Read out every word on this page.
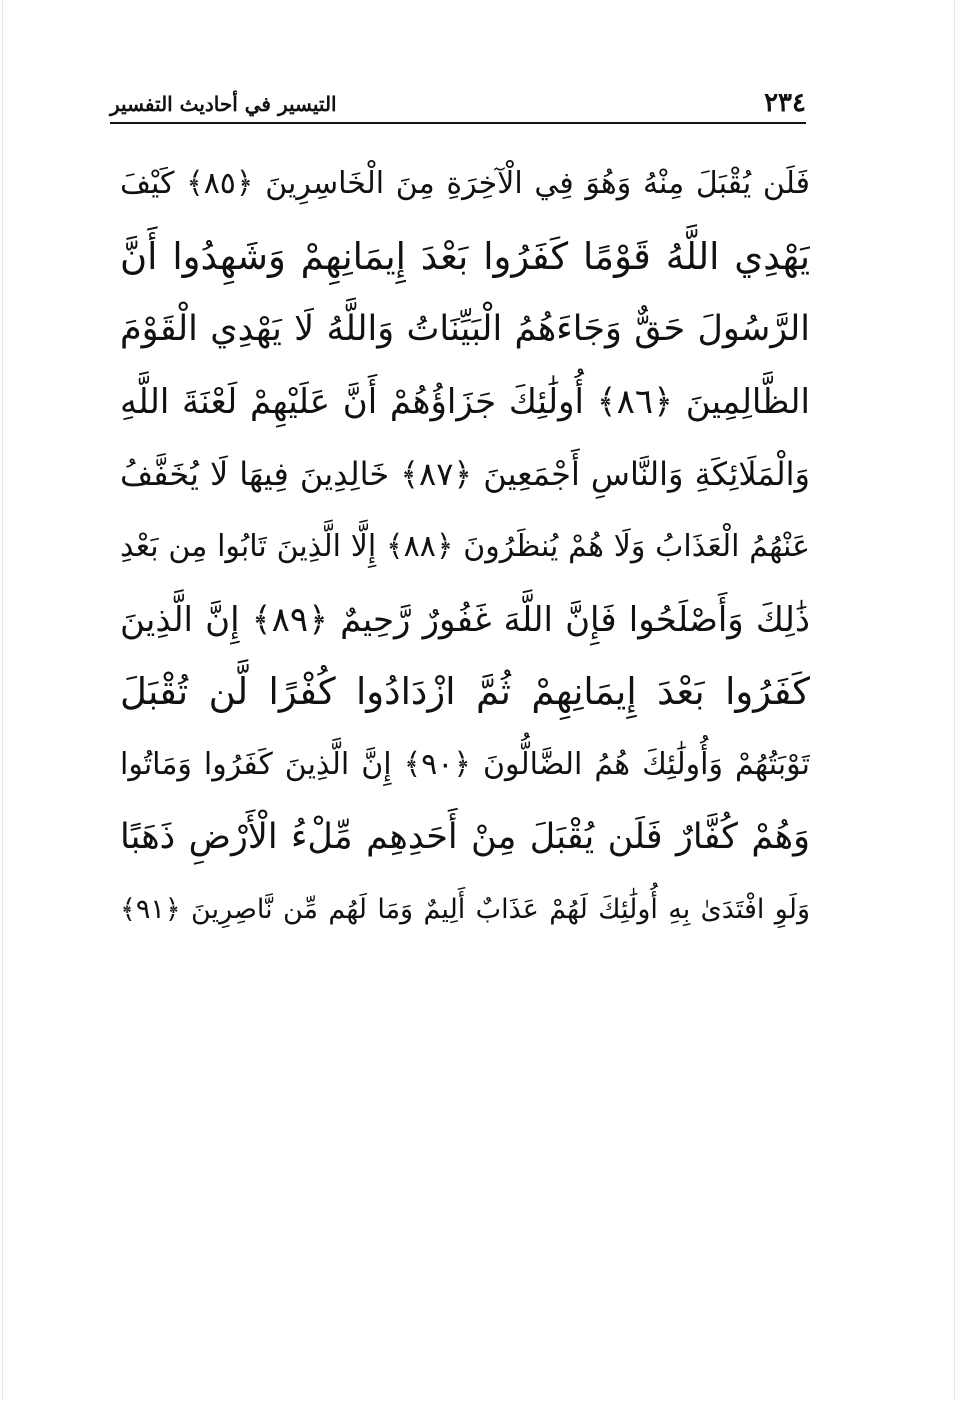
٢٣٤
التيسير في أحاديث التفسير
فَلَن يُقْبَلَ مِنْهُ وَهُوَ فِي الْآخِرَةِ مِنَ الْخَاسِرِينَ ﴿٨٥﴾ كَيْفَ
يَهْدِي اللَّهُ قَوْمًا كَفَرُوا بَعْدَ إِيمَانِهِمْ وَشَهِدُوا أَنَّ
الرَّسُولَ حَقٌّ وَجَاءَهُمُ الْبَيِّنَاتُ وَاللَّهُ لَا يَهْدِي الْقَوْمَ
الظَّالِمِينَ ﴿٨٦﴾ أُولَٰئِكَ جَزَاؤُهُمْ أَنَّ عَلَيْهِمْ لَعْنَةَ اللَّهِ
وَالْمَلَائِكَةِ وَالنَّاسِ أَجْمَعِينَ ﴿٨٧﴾ خَالِدِينَ فِيهَا لَا يُخَفَّفُ
عَنْهُمُ الْعَذَابُ وَلَا هُمْ يُنظَرُونَ ﴿٨٨﴾ إِلَّا الَّذِينَ تَابُوا مِن بَعْدِ
ذَٰلِكَ وَأَصْلَحُوا فَإِنَّ اللَّهَ غَفُورٌ رَّحِيمٌ ﴿٨٩﴾ إِنَّ الَّذِينَ
كَفَرُوا بَعْدَ إِيمَانِهِمْ ثُمَّ ازْدَادُوا كُفْرًا لَّن تُقْبَلَ
تَوْبَتُهُمْ وَأُولَٰئِكَ هُمُ الضَّالُّونَ ﴿٩٠﴾ إِنَّ الَّذِينَ كَفَرُوا وَمَاتُوا
وَهُمْ كُفَّارٌ فَلَن يُقْبَلَ مِنْ أَحَدِهِم مِّلْءُ الْأَرْضِ ذَهَبًا
وَلَوِ افْتَدَىٰ بِهِ أُولَٰئِكَ لَهُمْ عَذَابٌ أَلِيمٌ وَمَا لَهُم مِّن نَّاصِرِينَ ﴿٩١﴾
